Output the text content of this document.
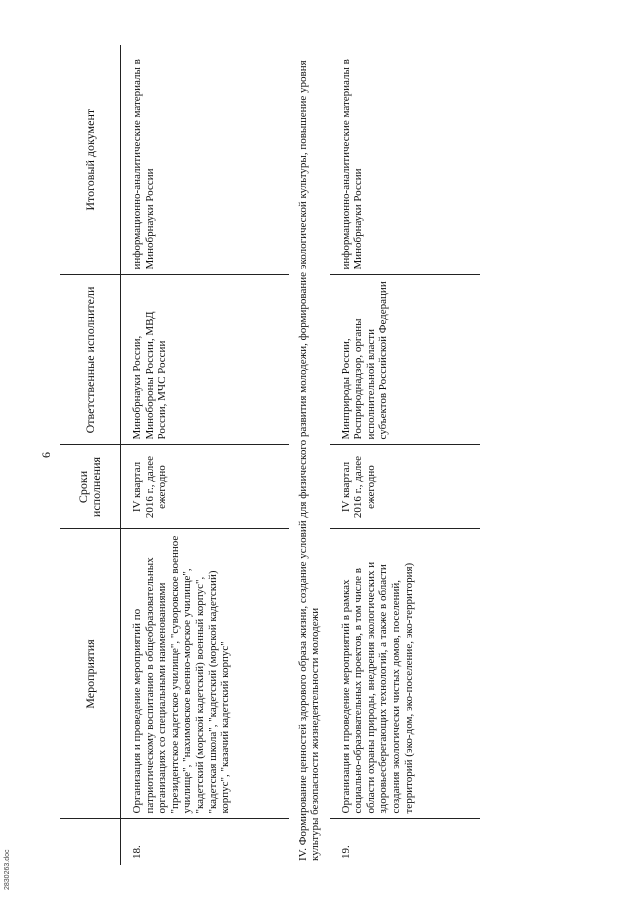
6
	Мероприятия	Сроки исполнения	Ответственные исполнители	Итоговый документ
18.	Организация и проведение мероприятий по патриотическому воспитанию в общеобразовательных организациях со специальными наименованиями "президентское кадетское училище", "суворовское военное училище", "нахимовское военно-морское училище", "кадетский (морской кадетский) военный корпус", "кадетская школа", "кадетский (морской кадетский) корпус", "казачий кадетский корпус"	IV квартал 2016 г., далее ежегодно	Минобрнауки России, Минобороны России, МВД России, МЧС России	информационно-аналитические материалы в Минобрнауки России
IV. Формирование ценностей здорового образа жизни, создание условий для физического развития молодежи, формирование экологической культуры, повышение уровня культуры безопасности жизнедеятельности молодежи				
19.	Организация и проведение мероприятий в рамках социально-образовательных проектов, в том числе в области охраны природы, внедрения экологических и здоровьесберегающих технологий, а также в области создания экологически чистых домов, поселений, территорий (эко-дом, эко-поселение, эко-территория)	IV квартал 2016 г., далее ежегодно	Минприроды России, Росприроднадзор, органы исполнительной власти субъектов Российской Федерации	информационно-аналитические материалы в Минобрнауки России
2830263.doc
